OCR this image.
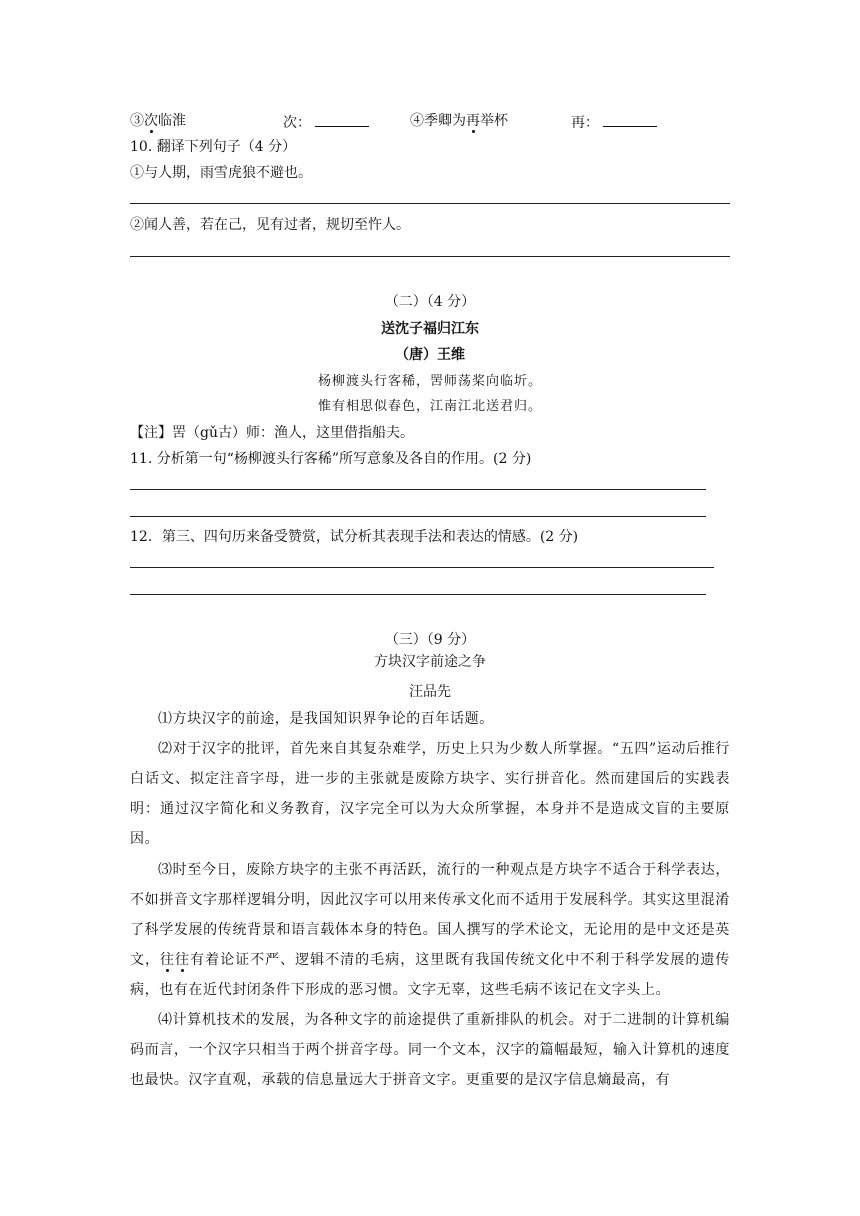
③次临淮	次：	④季卿为再举杯	再：
10. 翻译下列句子（4 分）
①与人期，雨雪虎狼不避也。
②闻人善，若在己，见有过者，规切至忤人。
（二）（4 分）
送沈子福归江东
（唐）王维
杨柳渡头行客稀，罟师荡桨向临圻。
惟有相思似春色，江南江北送君归。
【注】罟（gǔ古）师：渔人，这里借指船夫。
11. 分析第一句“杨柳渡头行客稀”所写意象及各自的作用。(2 分)
12．第三、四句历来备受赞赏，试分析其表现手法和表达的情感。(2 分)
（三）（9 分）
方块汉字前途之争
汪品先
⑴方块汉字的前途，是我国知识界争论的百年话题。
⑵对于汉字的批评，首先来自其复杂难学，历史上只为少数人所掌握。“五四”运动后推行白话文、拟定注音字母，进一步的主张就是废除方块字、实行拼音化。然而建国后的实践表明：通过汉字简化和义务教育，汉字完全可以为大众所掌握，本身并不是造成文盲的主要原因。
⑶时至今日，废除方块字的主张不再活跃，流行的一种观点是方块字不适合于科学表达，不如拼音文字那样逻辑分明，因此汉字可以用来传承文化而不适用于发展科学。其实这里混淆了科学发展的传统背景和语言载体本身的特色。国人撰写的学术论文，无论用的是中文还是英文，往往有着论证不严、逻辑不清的毛病，这里既有我国传统文化中不利于科学发展的遗传病，也有在近代封闭条件下形成的恶习惯。文字无辜，这些毛病不该记在文字头上。
⑷计算机技术的发展，为各种文字的前途提供了重新排队的机会。对于二进制的计算机编码而言，一个汉字只相当于两个拼音字母。同一个文本，汉字的篇幅最短，输入计算机的速度也最快。汉字直观，承载的信息量远大于拼音文字。更重要的是汉字信息熵最高，有
